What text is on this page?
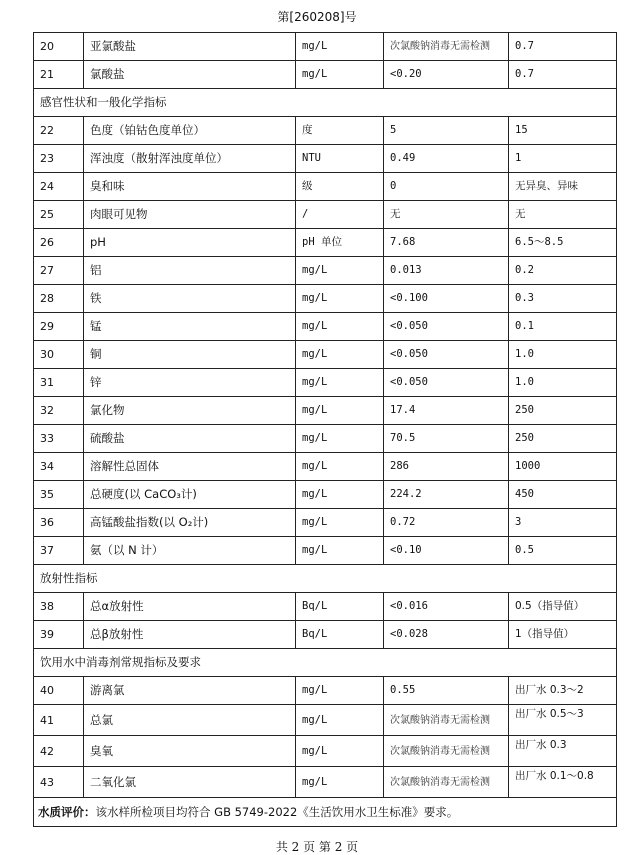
第[260208]号
20	亚氯酸盐	mg/L	次氯酸钠消毒无需检测	0.7
21	氯酸盐	mg/L	<0.20	0.7
感官性状和一般化学指标				
22	色度（铂钴色度单位）	度	5	15
23	浑浊度（散射浑浊度单位）	NTU	0.49	1
24	臭和味	级	0	无异臭、异味
25	肉眼可见物	/	无	无
26	pH	pH 单位	7.68	6.5～8.5
27	铝	mg/L	0.013	0.2
28	铁	mg/L	<0.100	0.3
29	锰	mg/L	<0.050	0.1
30	铜	mg/L	<0.050	1.0
31	锌	mg/L	<0.050	1.0
32	氯化物	mg/L	17.4	250
33	硫酸盐	mg/L	70.5	250
34	溶解性总固体	mg/L	286	1000
35	总硬度(以 CaCO₃计)	mg/L	224.2	450
36	高锰酸盐指数(以 O₂计)	mg/L	0.72	3
37	氨（以 N 计）	mg/L	<0.10	0.5
放射性指标				
38	总α放射性	Bq/L	<0.016	0.5（指导值）
39	总β放射性	Bq/L	<0.028	1（指导值）
饮用水中消毒剂常规指标及要求				
40	游离氯	mg/L	0.55	出厂水 0.3～2
41	总氯	mg/L	次氯酸钠消毒无需检测	出厂水 0.5～3
42	臭氧	mg/L	次氯酸钠消毒无需检测	出厂水 0.3
43	二氧化氯	mg/L	次氯酸钠消毒无需检测	出厂水 0.1～0.8
水质评价：该水样所检项目均符合 GB 5749-2022《生活饮用水卫生标准》要求。				
共 2 页 第 2 页
